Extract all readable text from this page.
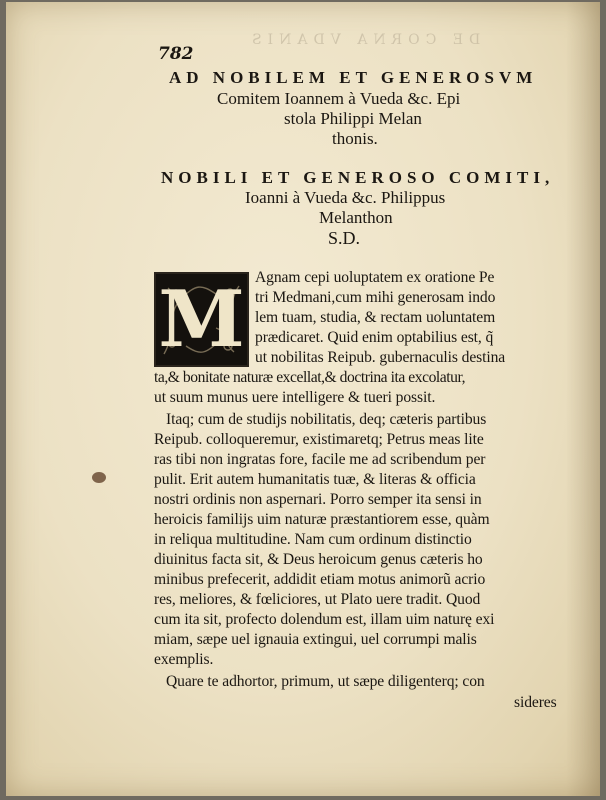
DE CORNA VDANIS
782
AD NOBILEM ET GENEROSVM
Comitem Ioannem à Vueda &c. Epi
stola Philippi Melan
thonis.
NOBILI ET GENEROSO COMITI,
Ioanni à Vueda &c. Philippus
Melanthon
S.D.
M Agnam cepi uoluptatem ex oratione Pe
tri Medmani,cum mihi generosam indo
lem tuam, studia, & rectam uoluntatem
prædicaret. Quid enim optabilius est, q̃
ut nobilitas Reipub. gubernaculis destina
ta,& bonitate naturæ excellat,& doctrina ita excolatur,
ut suum munus uere intelligere & tueri possit.
Itaq; cum de studijs nobilitatis, deq; cæteris partibus
Reipub. colloqueremur, existimaretq; Petrus meas lite
ras tibi non ingratas fore, facile me ad scribendum per
pulit. Erit autem humanitatis tuæ, & literas & officia
nostri ordinis non aspernari. Porro semper ita sensi in
heroicis familijs uim naturæ præstantiorem esse, quàm
in reliqua multitudine. Nam cum ordinum distinctio
diuinitus facta sit, & Deus heroicum genus cæteris ho
minibus prefecerit, addidit etiam motus animorũ acrio
res, meliores, & fœliciores, ut Plato uere tradit. Quod
cum ita sit, profecto dolendum est, illam uim naturę exi
miam, sæpe uel ignauia extingui, uel corrumpi malis
exemplis.
Quare te adhortor, primum, ut sæpe diligenterq; con
sideres
